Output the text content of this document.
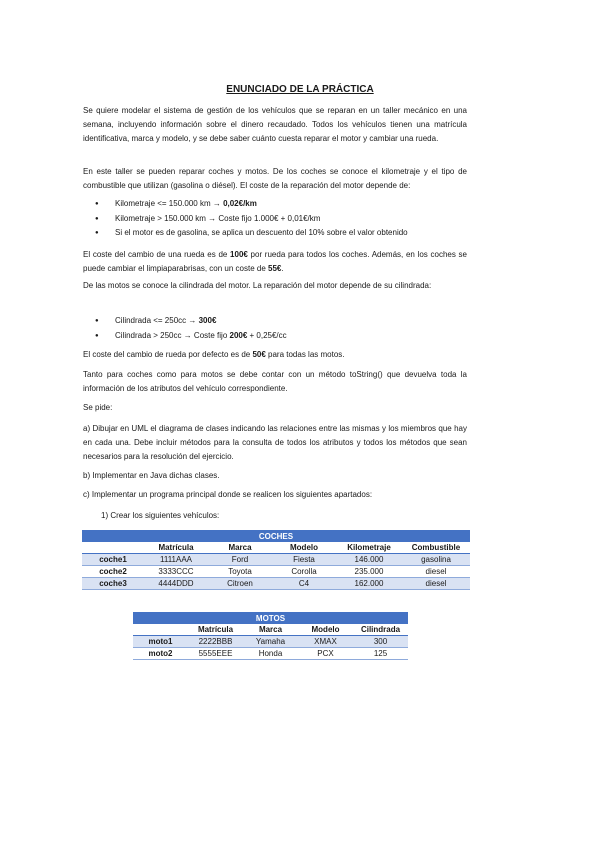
ENUNCIADO DE LA PRÁCTICA
Se quiere modelar el sistema de gestión de los vehículos que se reparan en un taller mecánico en una semana, incluyendo información sobre el dinero recaudado. Todos los vehículos tienen una matrícula identificativa, marca y modelo, y se debe saber cuánto cuesta reparar el motor y cambiar una rueda.
En este taller se pueden reparar coches y motos. De los coches se conoce el kilometraje y el tipo de combustible que utilizan (gasolina o diésel). El coste de la reparación del motor depende de:
● Kilometraje <= 150.000 km → 0,02€/km
● Kilometraje > 150.000 km → Coste fijo 1.000€ + 0,01€/km
● Si el motor es de gasolina, se aplica un descuento del 10% sobre el valor obtenido
El coste del cambio de una rueda es de 100€ por rueda para todos los coches. Además, en los coches se puede cambiar el limpiaparabrisas, con un coste de 55€.
De las motos se conoce la cilindrada del motor. La reparación del motor depende de su cilindrada:
● Cilindrada <= 250cc → 300€
● Cilindrada > 250cc → Coste fijo 200€ + 0,25€/cc
El coste del cambio de rueda por defecto es de 50€ para todas las motos.
Tanto para coches como para motos se debe contar con un método toString() que devuelva toda la información de los atributos del vehículo correspondiente.
Se pide:
a) Dibujar en UML el diagrama de clases indicando las relaciones entre las mismas y los miembros que hay en cada una. Debe incluir métodos para la consulta de todos los atributos y todos los métodos que sean necesarios para la resolución del ejercicio.
b) Implementar en Java dichas clases.
c) Implementar un programa principal donde se realicen los siguientes apartados:
1) Crear los siguientes vehículos:
COCHES					
	Matrícula	Marca	Modelo	Kilometraje	Combustible
coche1	1111AAA	Ford	Fiesta	146.000	gasolina
coche2	3333CCC	Toyota	Corolla	235.000	diesel
coche3	4444DDD	Citroen	C4	162.000	diesel
MOTOS				
	Matrícula	Marca	Modelo	Cilindrada
moto1	2222BBB	Yamaha	XMAX	300
moto2	5555EEE	Honda	PCX	125
